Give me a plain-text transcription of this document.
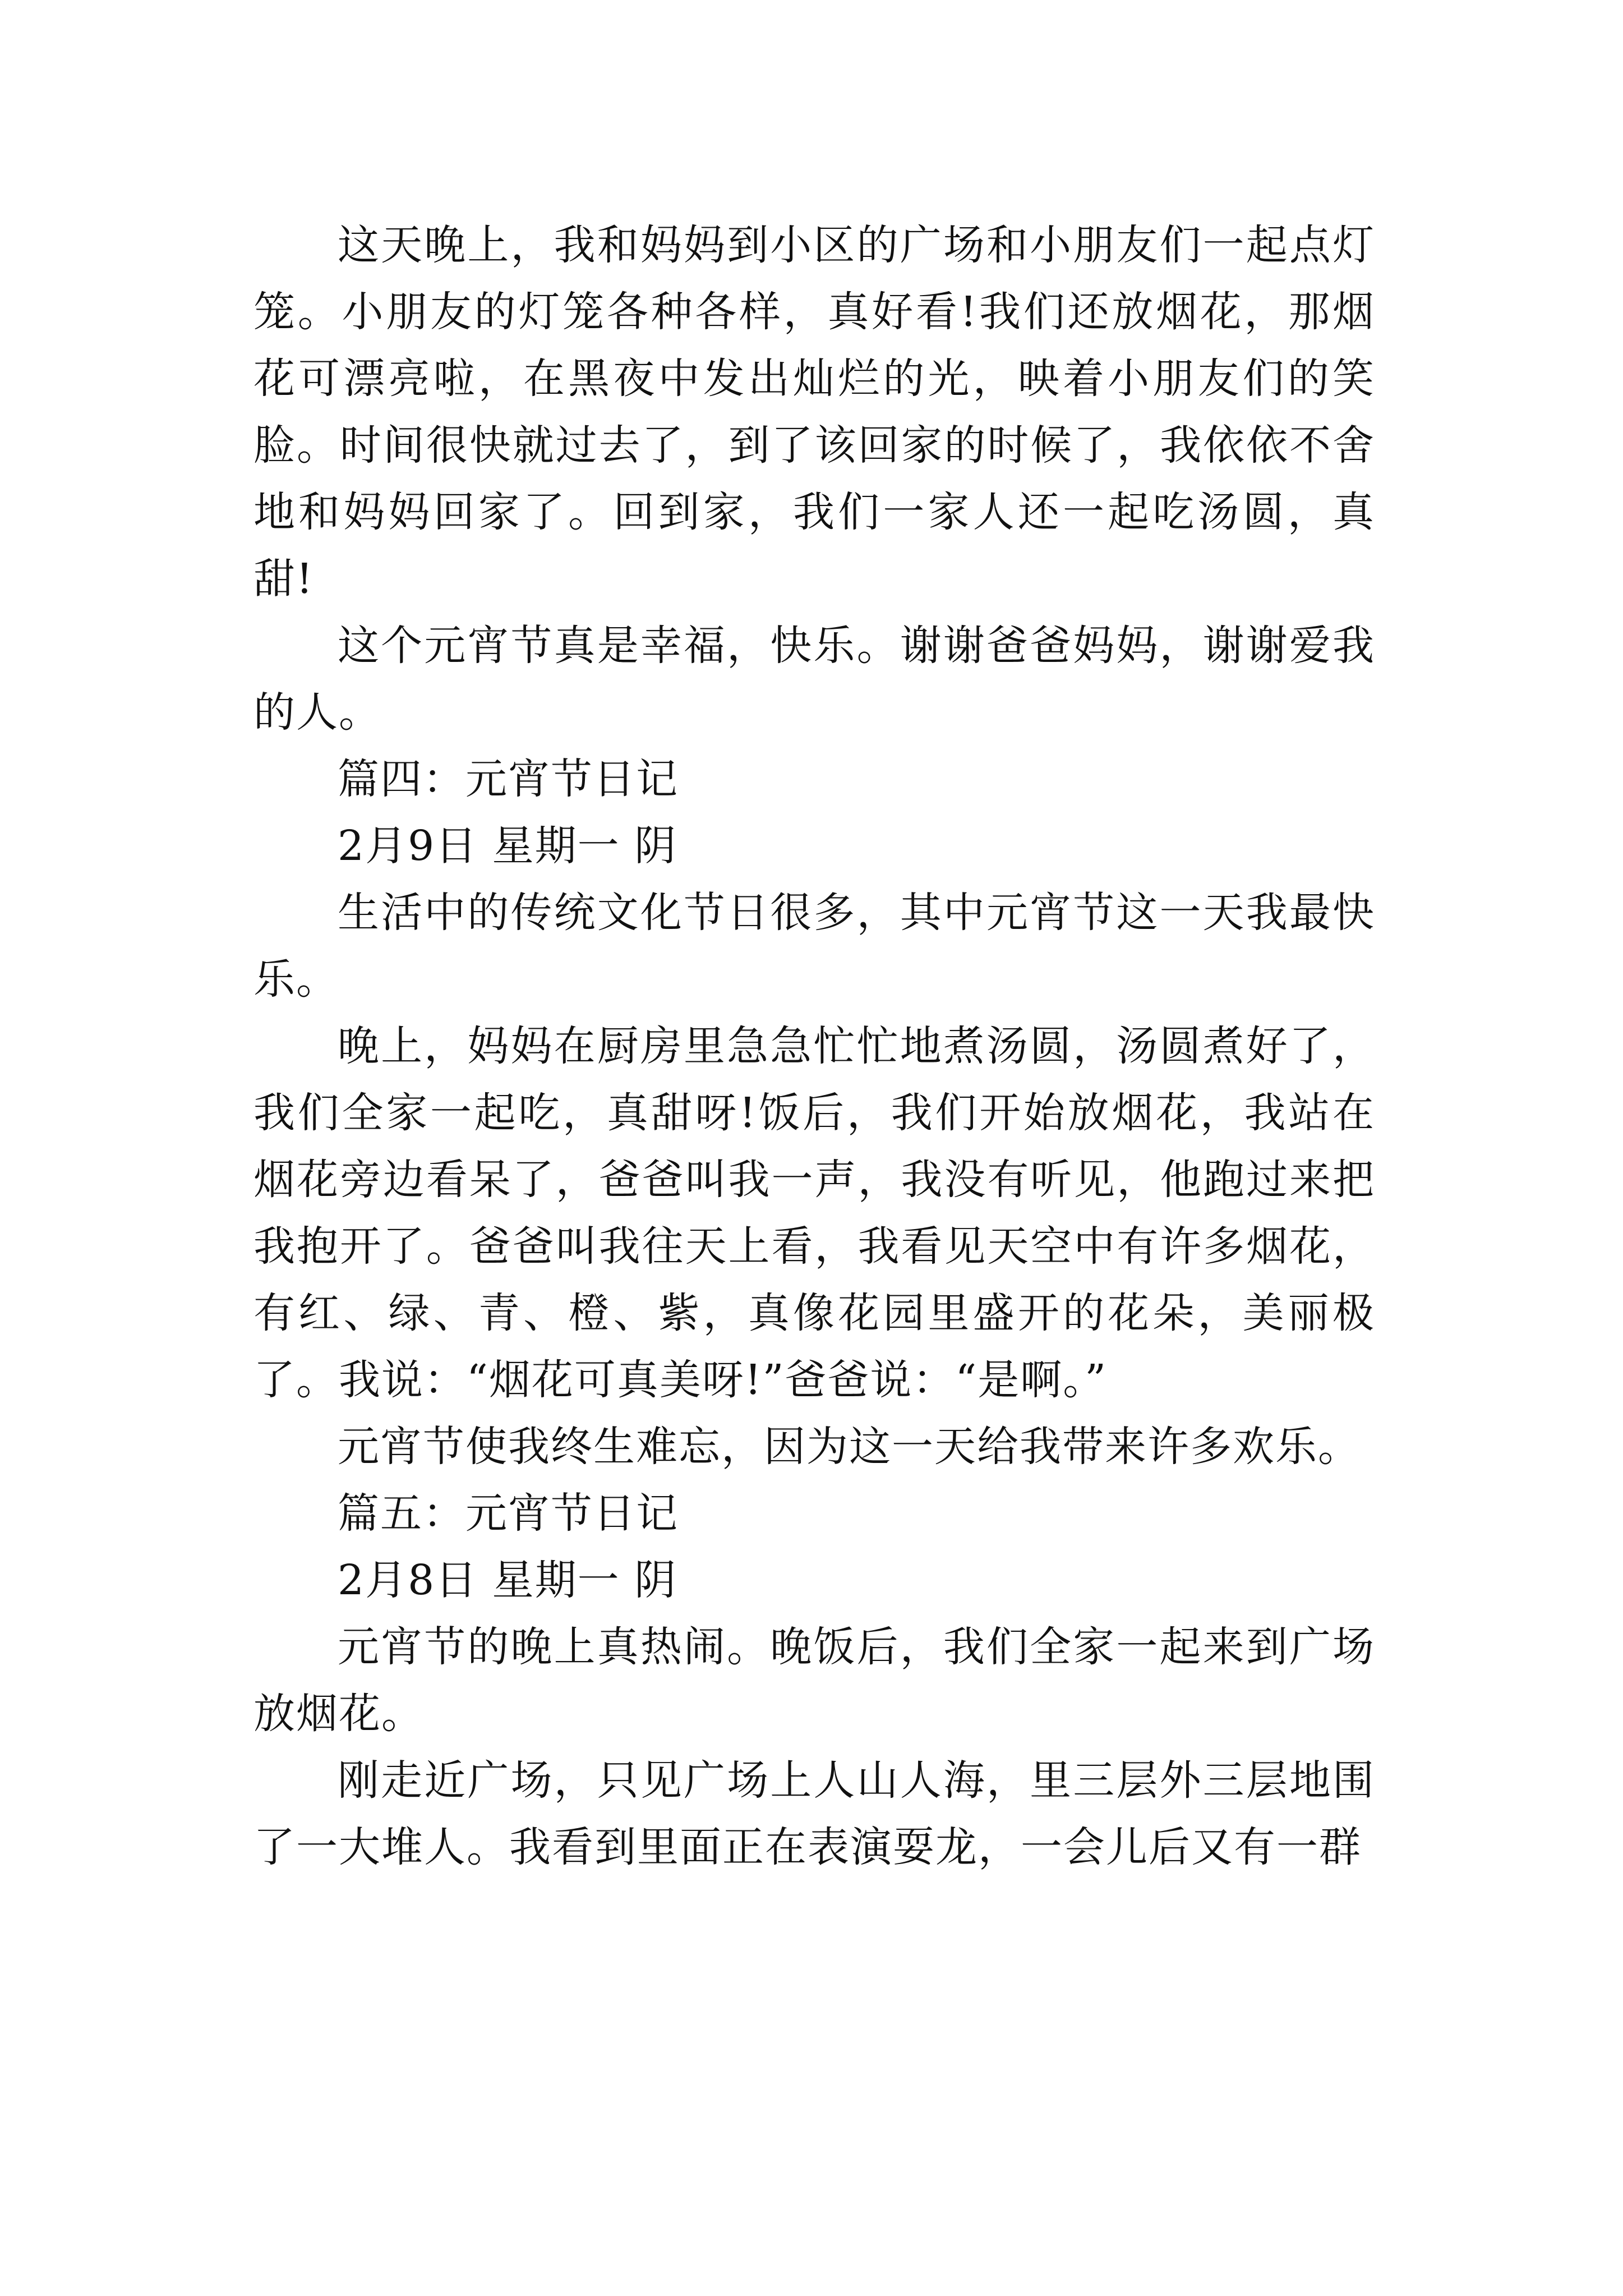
这天晚上，我和妈妈到小区的广场和小朋友们一起点灯笼。小朋友的灯笼各种各样，真好看!我们还放烟花，那烟花可漂亮啦，在黑夜中发出灿烂的光，映着小朋友们的笑脸。时间很快就过去了，到了该回家的时候了，我依依不舍地和妈妈回家了。回到家，我们一家人还一起吃汤圆，真甜!

这个元宵节真是幸福，快乐。谢谢爸爸妈妈，谢谢爱我的人。

篇四：元宵节日记

2月9日 星期一 阴

生活中的传统文化节日很多，其中元宵节这一天我最快乐。

晚上，妈妈在厨房里急急忙忙地煮汤圆，汤圆煮好了，我们全家一起吃，真甜呀!饭后，我们开始放烟花，我站在烟花旁边看呆了，爸爸叫我一声，我没有听见，他跑过来把我抱开了。爸爸叫我往天上看，我看见天空中有许多烟花，有红、绿、青、橙、紫，真像花园里盛开的花朵，美丽极了。我说：“烟花可真美呀!”爸爸说：“是啊。”

元宵节使我终生难忘，因为这一天给我带来许多欢乐。

篇五：元宵节日记

2月8日 星期一 阴

元宵节的晚上真热闹。晚饭后，我们全家一起来到广场放烟花。

刚走近广场，只见广场上人山人海，里三层外三层地围了一大堆人。我看到里面正在表演耍龙，一会儿后又有一群
